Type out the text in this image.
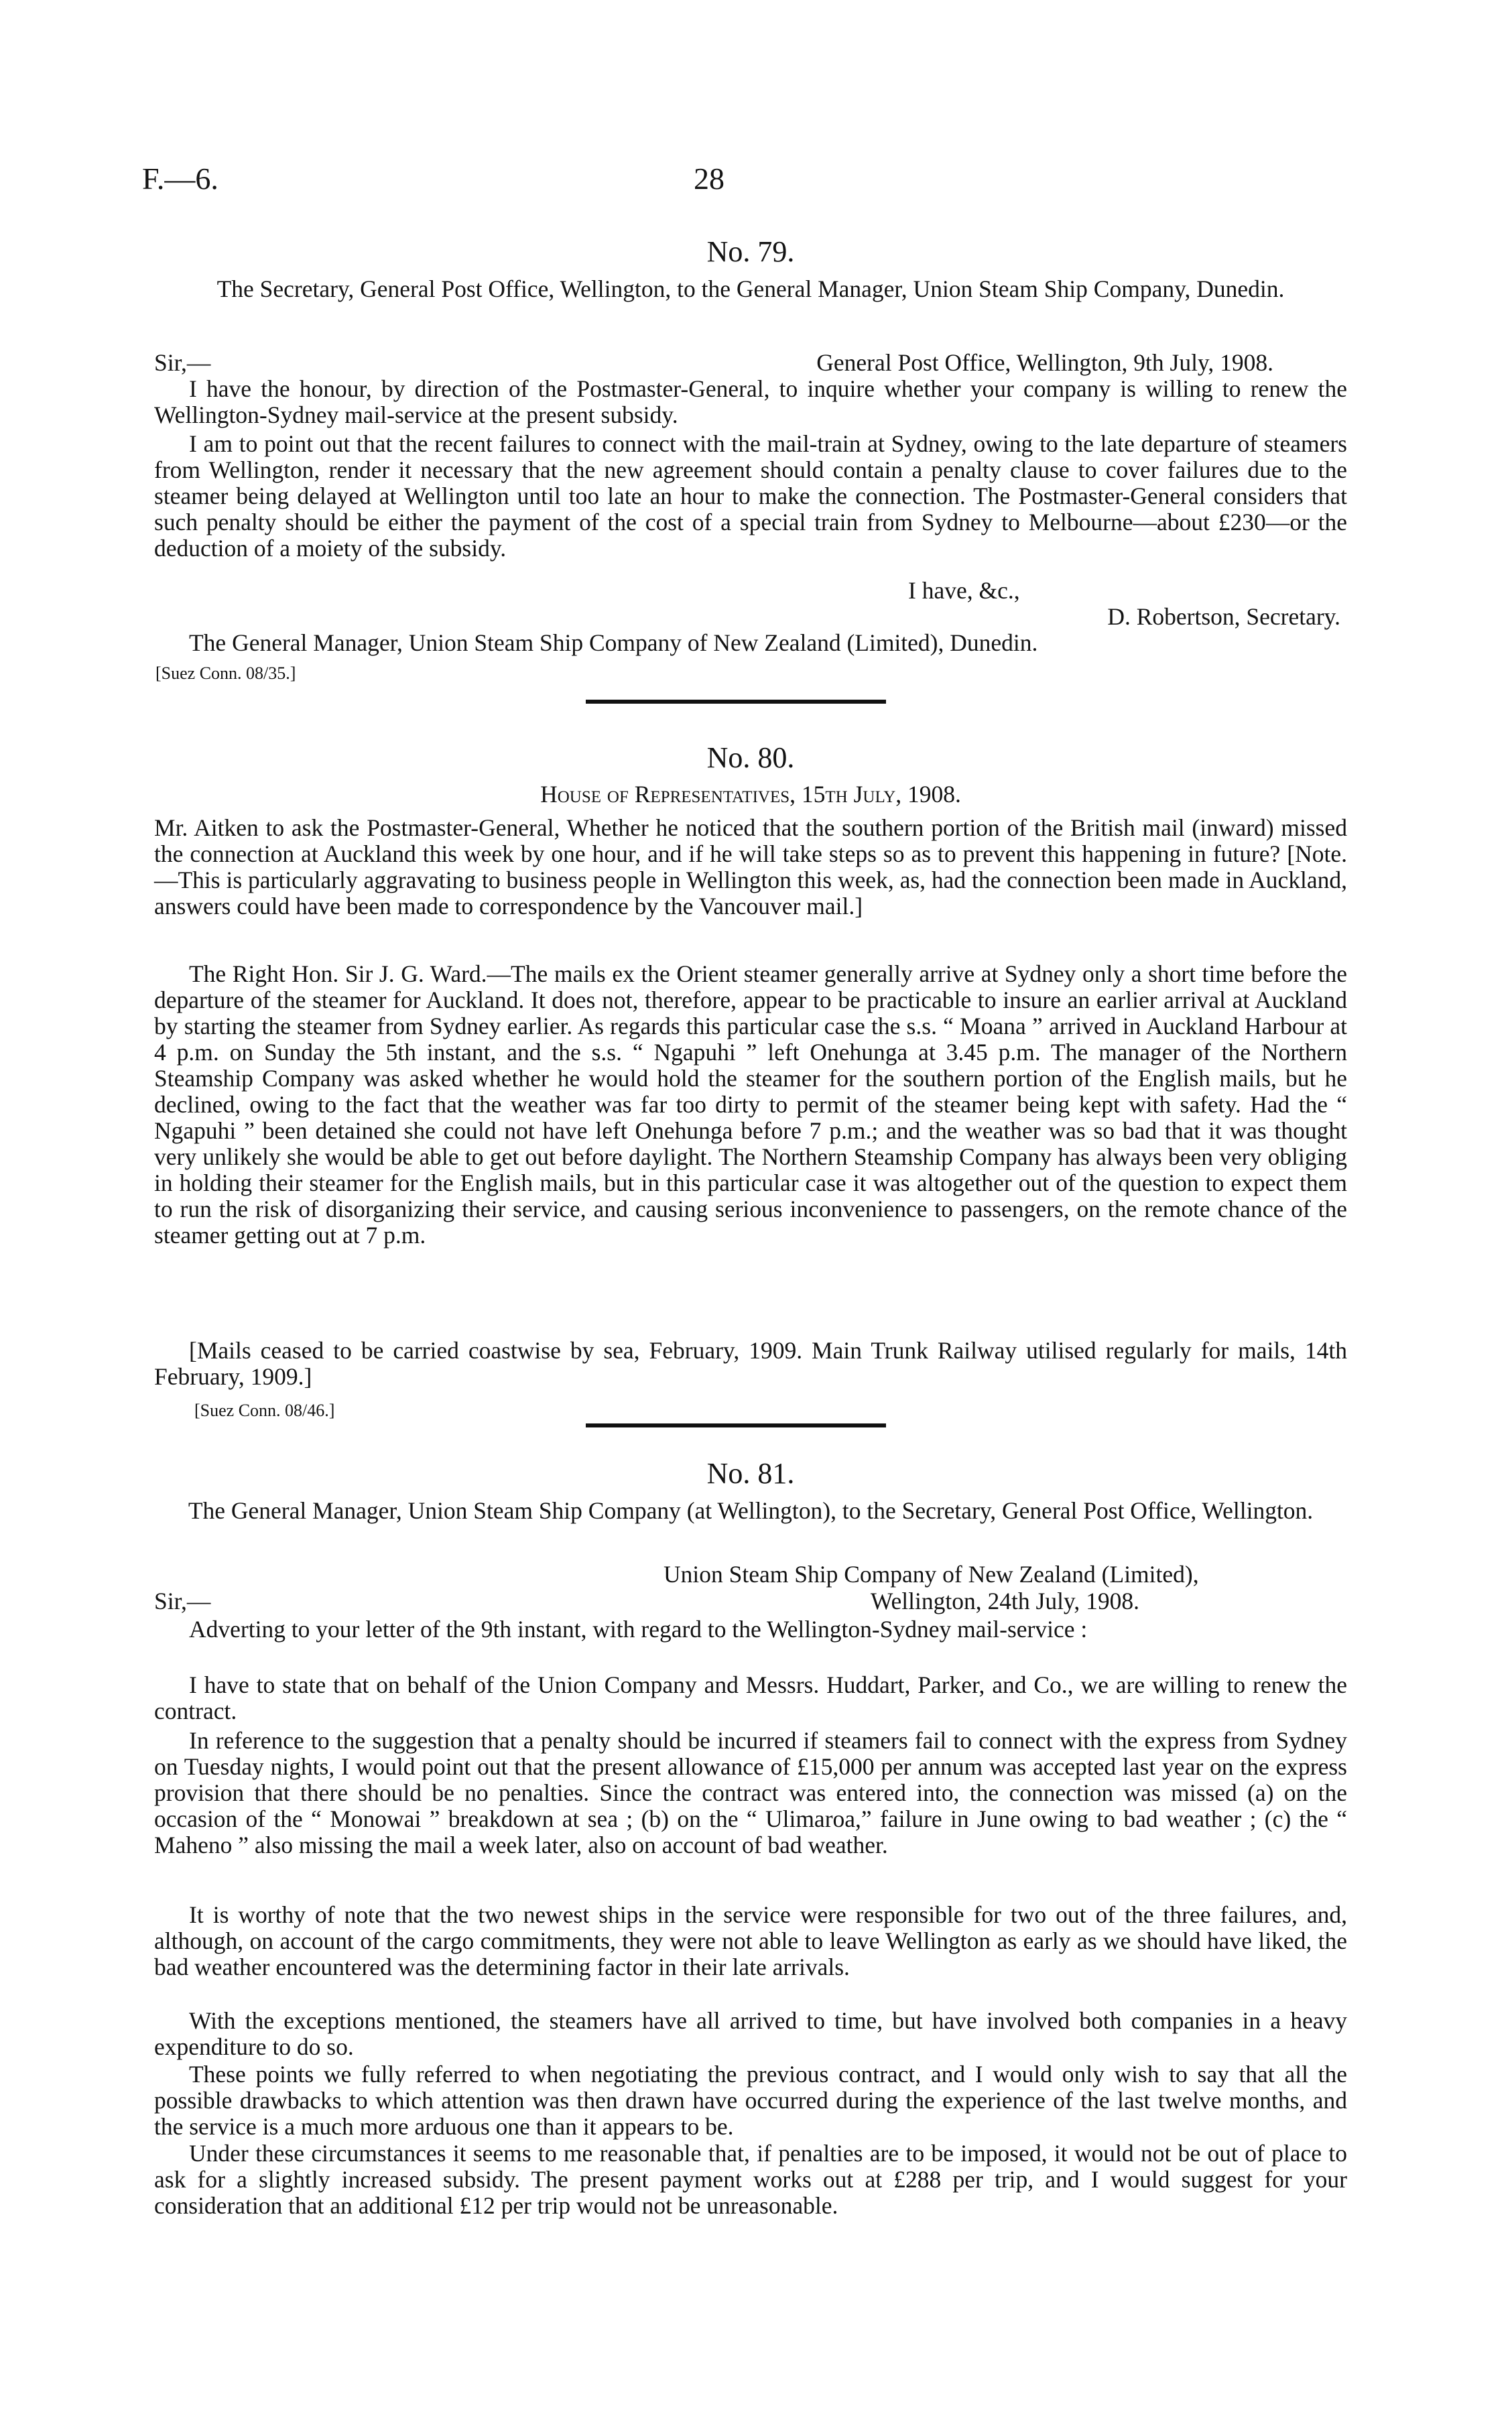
F.—6.	28
No. 79.
The Secretary, General Post Office, Wellington, to the General Manager, Union Steam Ship Company, Dunedin.
Sir,—	General Post Office, Wellington, 9th July, 1908.

I have the honour, by direction of the Postmaster-General, to inquire whether your company is willing to renew the Wellington-Sydney mail-service at the present subsidy.

I am to point out that the recent failures to connect with the mail-train at Sydney, owing to the late departure of steamers from Wellington, render it necessary that the new agreement should contain a penalty clause to cover failures due to the steamer being delayed at Wellington until too late an hour to make the connection. The Postmaster-General considers that such penalty should be either the payment of the cost of a special train from Sydney to Melbourne—about £230—or the deduction of a moiety of the subsidy.

I have, &c.,
D. Robertson, Secretary.

The General Manager, Union Steam Ship Company of New Zealand (Limited), Dunedin.

[Suez Conn. 08/35.]
No. 80.
House of Representatives, 15th July, 1908.

Mr. Aitken to ask the Postmaster-General, Whether he noticed that the southern portion of the British mail (inward) missed the connection at Auckland this week by one hour, and if he will take steps so as to prevent this happening in future? [Note.—This is particularly aggravating to business people in Wellington this week, as, had the connection been made in Auckland, answers could have been made to correspondence by the Vancouver mail.]

The Right Hon. Sir J. G. Ward.—The mails ex the Orient steamer generally arrive at Sydney only a short time before the departure of the steamer for Auckland. It does not, therefore, appear to be practicable to insure an earlier arrival at Auckland by starting the steamer from Sydney earlier. As regards this particular case the s.s. “ Moana ” arrived in Auckland Harbour at 4 p.m. on Sunday the 5th instant, and the s.s. “ Ngapuhi ” left Onehunga at 3.45 p.m. The manager of the Northern Steamship Company was asked whether he would hold the steamer for the southern portion of the English mails, but he declined, owing to the fact that the weather was far too dirty to permit of the steamer being kept with safety. Had the “ Ngapuhi ” been detained she could not have left Onehunga before 7 p.m.; and the weather was so bad that it was thought very unlikely she would be able to get out before daylight. The Northern Steamship Company has always been very obliging in holding their steamer for the English mails, but in this particular case it was altogether out of the question to expect them to run the risk of disorganizing their service, and causing serious inconvenience to passengers, on the remote chance of the steamer getting out at 7 p.m.

[Mails ceased to be carried coastwise by sea, February, 1909. Main Trunk Railway utilised regularly for mails, 14th February, 1909.]

[Suez Conn. 08/46.]
No. 81.
The General Manager, Union Steam Ship Company (at Wellington), to the Secretary, General Post Office, Wellington.
Union Steam Ship Company of New Zealand (Limited),
Sir,—	Wellington, 24th July, 1908.

Adverting to your letter of the 9th instant, with regard to the Wellington-Sydney mail-service :

I have to state that on behalf of the Union Company and Messrs. Huddart, Parker, and Co., we are willing to renew the contract.

In reference to the suggestion that a penalty should be incurred if steamers fail to connect with the express from Sydney on Tuesday nights, I would point out that the present allowance of £15,000 per annum was accepted last year on the express provision that there should be no penalties. Since the contract was entered into, the connection was missed (a) on the occasion of the “ Monowai ” breakdown at sea ; (b) on the “ Ulimaroa,” failure in June owing to bad weather ; (c) the “ Maheno ” also missing the mail a week later, also on account of bad weather.

It is worthy of note that the two newest ships in the service were responsible for two out of the three failures, and, although, on account of the cargo commitments, they were not able to leave Wellington as early as we should have liked, the bad weather encountered was the determining factor in their late arrivals.

With the exceptions mentioned, the steamers have all arrived to time, but have involved both companies in a heavy expenditure to do so.

These points we fully referred to when negotiating the previous contract, and I would only wish to say that all the possible drawbacks to which attention was then drawn have occurred during the experience of the last twelve months, and the service is a much more arduous one than it appears to be.

Under these circumstances it seems to me reasonable that, if penalties are to be imposed, it would not be out of place to ask for a slightly increased subsidy. The present payment works out at £288 per trip, and I would suggest for your consideration that an additional £12 per trip would not be unreasonable.
